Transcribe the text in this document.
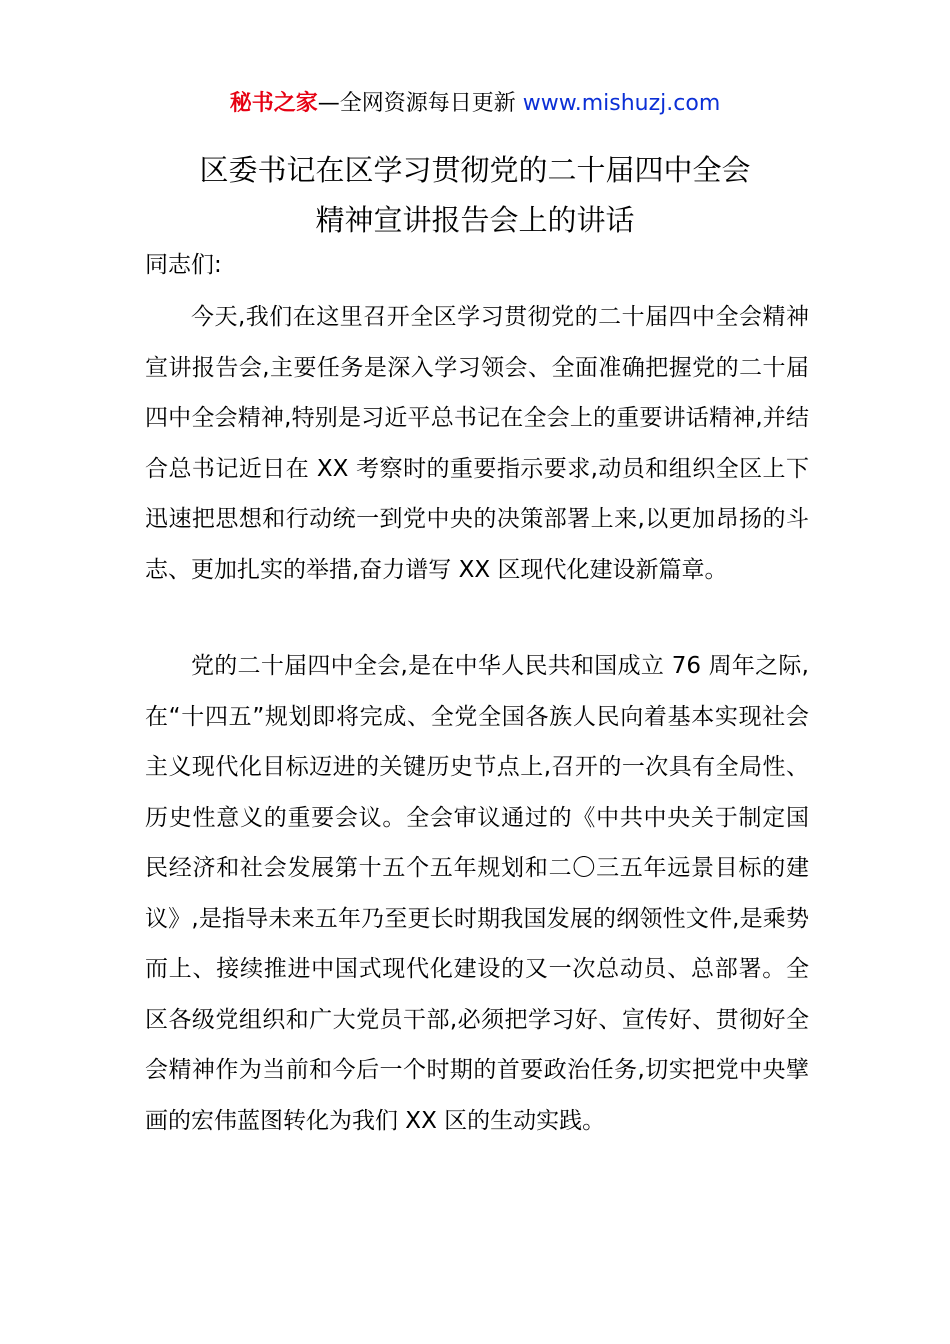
秘书之家—全网资源每日更新 www.mishuzj.com
区委书记在区学习贯彻党的二十届四中全会
精神宣讲报告会上的讲话
同志们:

今天,我们在这里召开全区学习贯彻党的二十届四中全会精神宣讲报告会,主要任务是深入学习领会、全面准确把握党的二十届四中全会精神,特别是习近平总书记在全会上的重要讲话精神,并结合总书记近日在 XX 考察时的重要指示要求,动员和组织全区上下迅速把思想和行动统一到党中央的决策部署上来,以更加昂扬的斗志、更加扎实的举措,奋力谱写 XX 区现代化建设新篇章。

党的二十届四中全会,是在中华人民共和国成立 76 周年之际,在“十四五”规划即将完成、全党全国各族人民向着基本实现社会主义现代化目标迈进的关键历史节点上,召开的一次具有全局性、历史性意义的重要会议。全会审议通过的《中共中央关于制定国民经济和社会发展第十五个五年规划和二〇三五年远景目标的建议》,是指导未来五年乃至更长时期我国发展的纲领性文件,是乘势而上、接续推进中国式现代化建设的又一次总动员、总部署。全区各级党组织和广大党员干部,必须把学习好、宣传好、贯彻好全会精神作为当前和今后一个时期的首要政治任务,切实把党中央擘画的宏伟蓝图转化为我们 XX 区的生动实践。
